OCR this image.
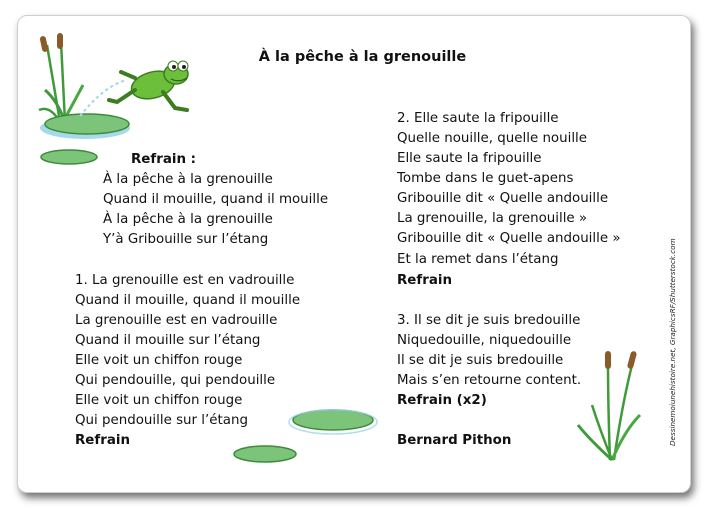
À la pêche à la grenouille
Refrain :
À la pêche à la grenouille
Quand il mouille, quand il mouille
À la pêche à la grenouille
Y’à Gribouille sur l’étang
1. La grenouille est en vadrouille
Quand il mouille, quand il mouille
La grenouille est en vadrouille
Quand il mouille sur l’étang
Elle voit un chiffon rouge
Qui pendouille, qui pendouille
Elle voit un chiffon rouge
Qui pendouille sur l’étang
Refrain
2. Elle saute la fripouille
Quelle nouille, quelle nouille
Elle saute la fripouille
Tombe dans le guet-apens
Gribouille dit « Quelle andouille
La grenouille, la grenouille »
Gribouille dit « Quelle andouille »
Et la remet dans l’étang
Refrain
3. Il se dit je suis bredouille
Niquedouille, niquedouille
Il se dit je suis bredouille
Mais s’en retourne content.
Refrain (x2)
Bernard Pithon	Dessinemoiunehistoire.net, GraphicsRF/Shutterstock.com
